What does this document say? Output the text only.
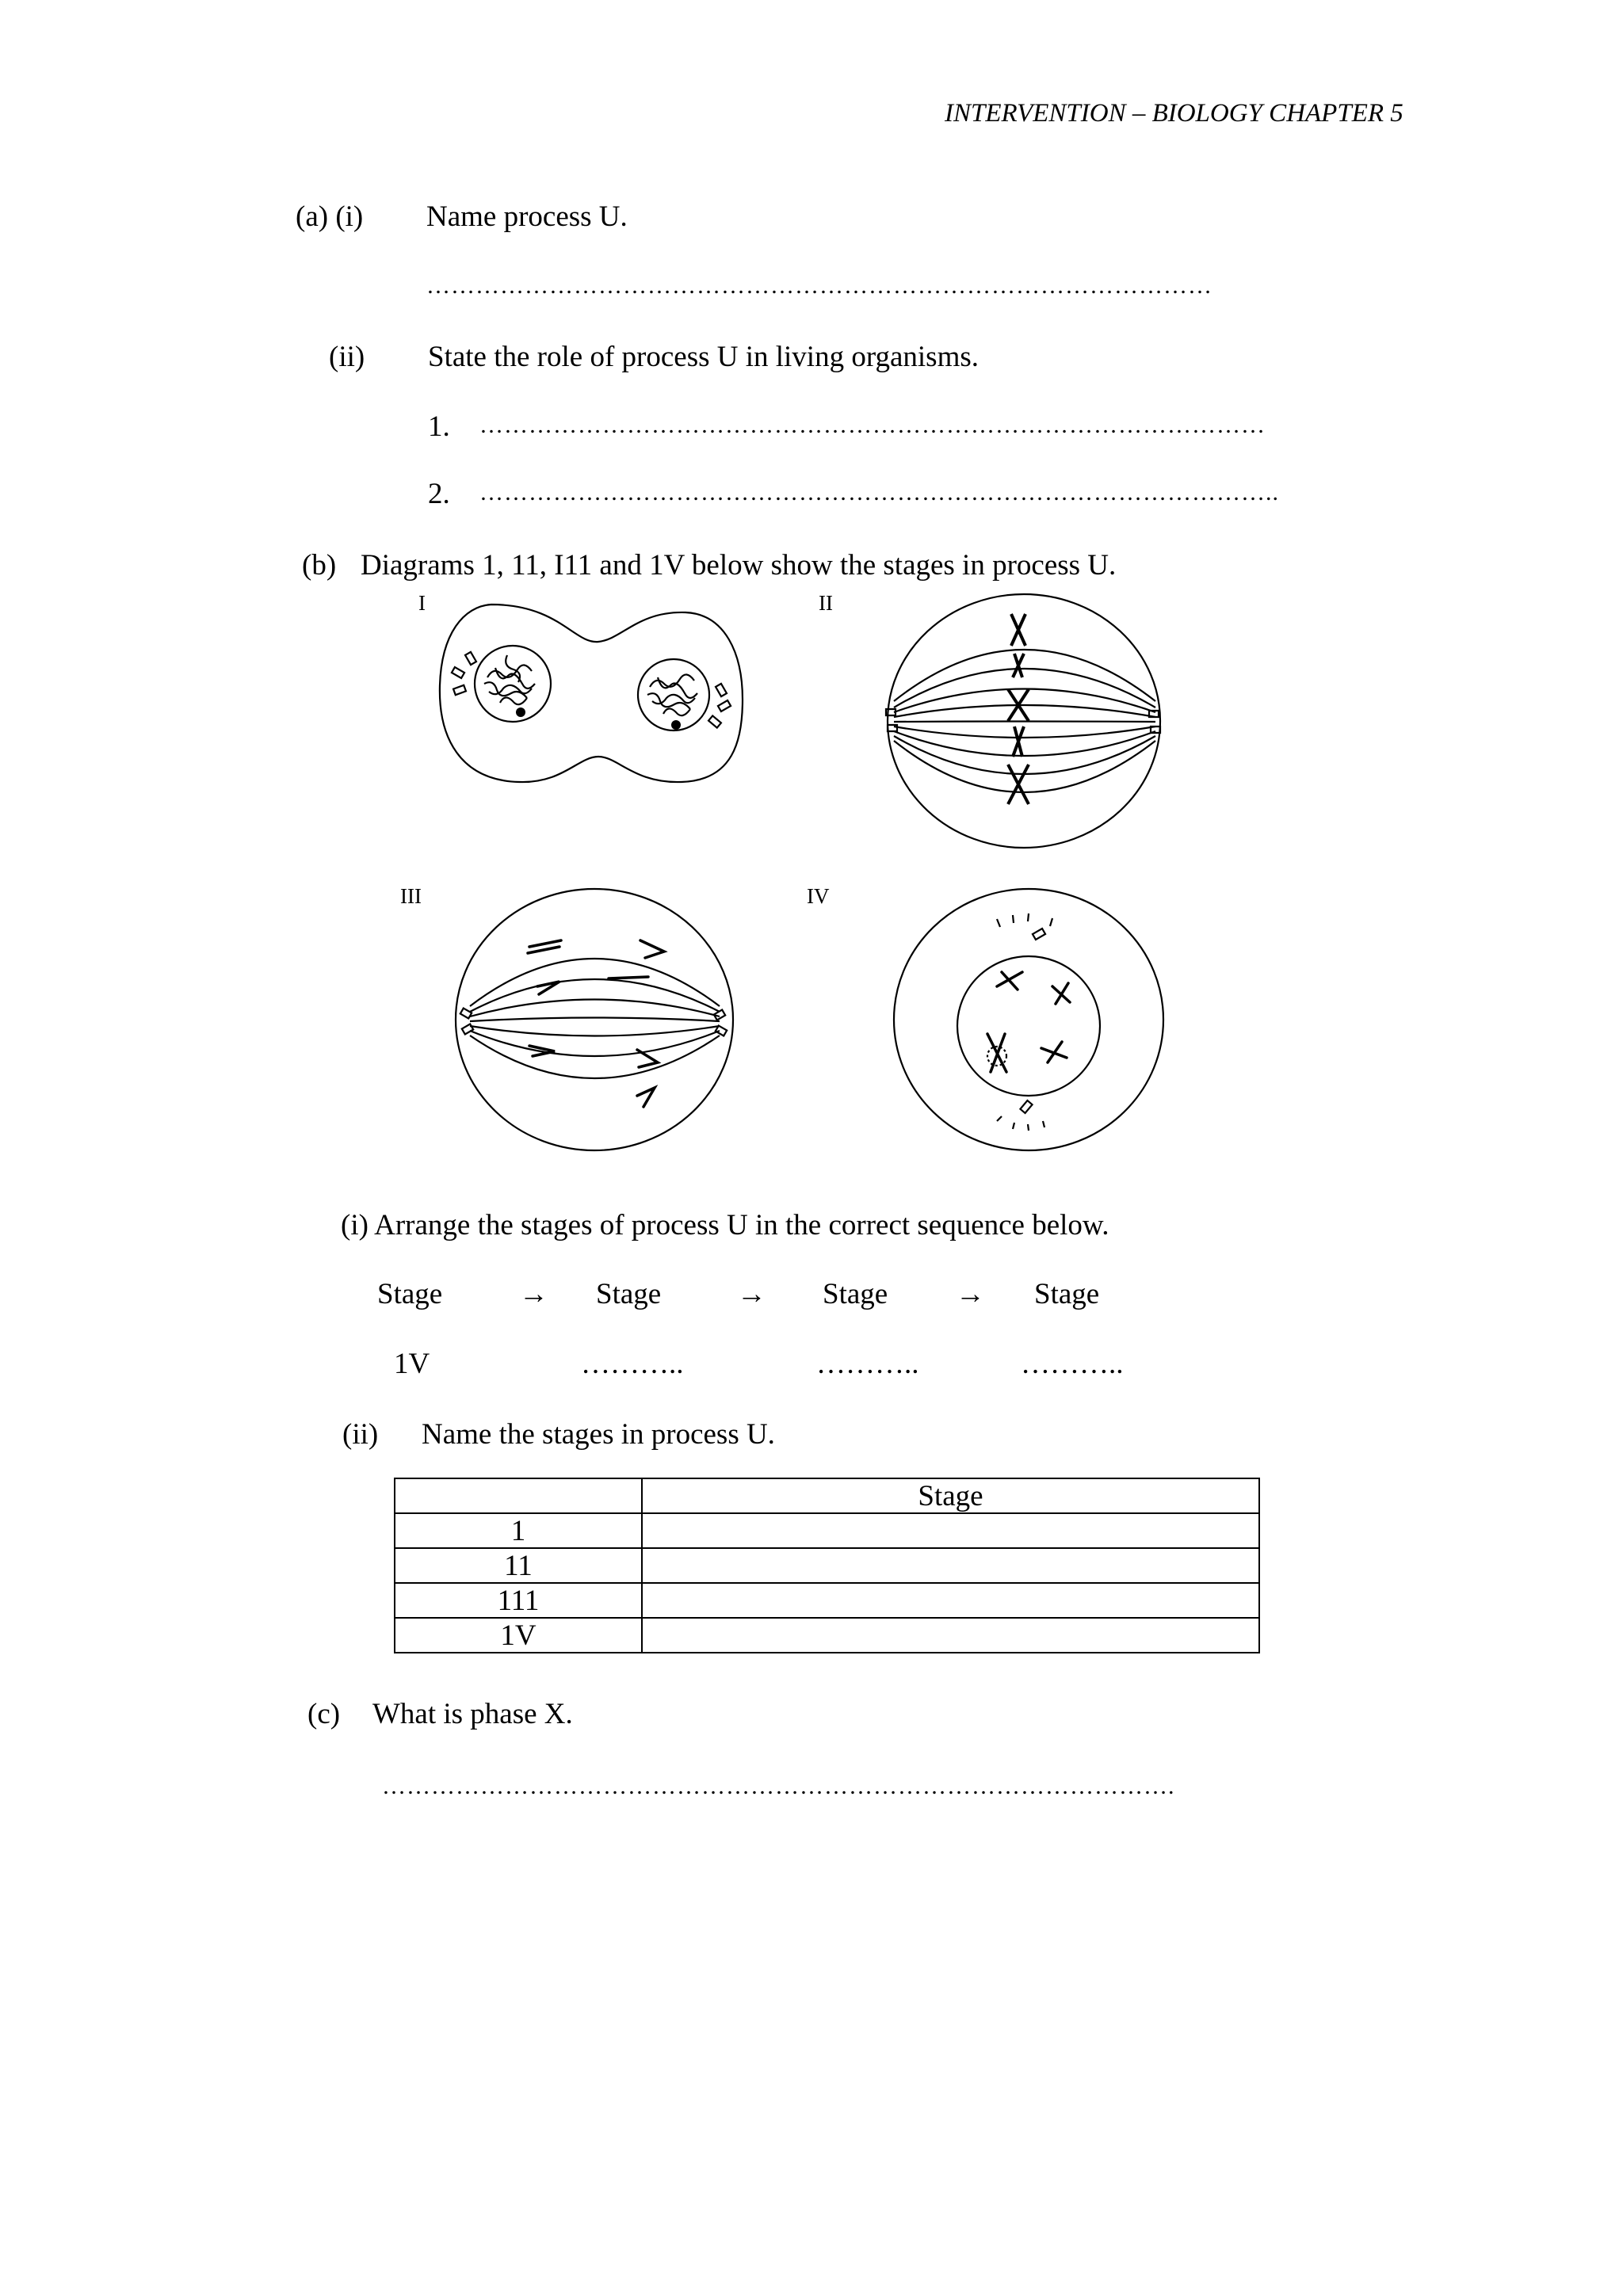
INTERVENTION – BIOLOGY CHAPTER 5
(a) (i) Name process U.
……………………………………………………………………………………
(ii) State the role of process U in living organisms.
1. ……………………………………………………………………………………
2. ……………………………………………………………………………………..
(b) Diagrams 1, 11, I11 and 1V below show the stages in process U.
I	II
III	IV
(i) Arrange the stages of process U in the correct sequence below.
Stage	→ Stage	→ Stage → Stage
1V	………..	………..	………..
(ii) Name the stages in process U.
	Stage
1	
11	
111	
1V	
(c) What is phase X.
…………………………………………………………………………………….
